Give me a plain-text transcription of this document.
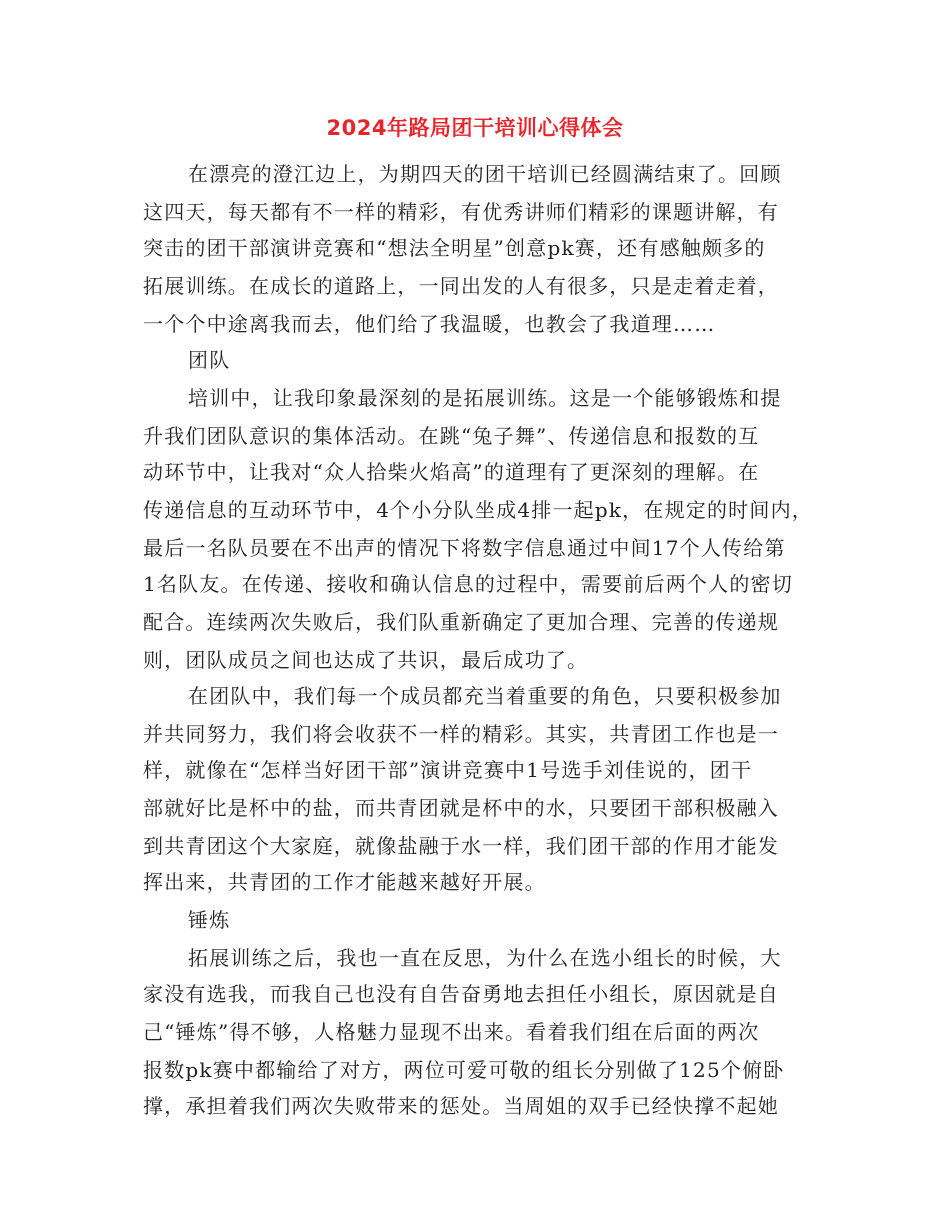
2024年路局团干培训心得体会
在漂亮的澄江边上，为期四天的团干培训已经圆满结束了。回顾
这四天，每天都有不一样的精彩，有优秀讲师们精彩的课题讲解，有
突击的团干部演讲竞赛和“想法全明星”创意pk赛，还有感触颇多的
拓展训练。在成长的道路上，一同出发的人有很多，只是走着走着，
一个个中途离我而去，他们给了我温暖，也教会了我道理……
团队
培训中，让我印象最深刻的是拓展训练。这是一个能够锻炼和提
升我们团队意识的集体活动。在跳“兔子舞”、传递信息和报数的互
动环节中，让我对“众人拾柴火焰高”的道理有了更深刻的理解。在
传递信息的互动环节中，4个小分队坐成4排一起pk，在规定的时间内，
最后一名队员要在不出声的情况下将数字信息通过中间17个人传给第
1名队友。在传递、接收和确认信息的过程中，需要前后两个人的密切
配合。连续两次失败后，我们队重新确定了更加合理、完善的传递规
则，团队成员之间也达成了共识，最后成功了。
在团队中，我们每一个成员都充当着重要的角色，只要积极参加
并共同努力，我们将会收获不一样的精彩。其实，共青团工作也是一
样，就像在“怎样当好团干部”演讲竞赛中1号选手刘佳说的，团干
部就好比是杯中的盐，而共青团就是杯中的水，只要团干部积极融入
到共青团这个大家庭，就像盐融于水一样，我们团干部的作用才能发
挥出来，共青团的工作才能越来越好开展。
锤炼
拓展训练之后，我也一直在反思，为什么在选小组长的时候，大
家没有选我，而我自己也没有自告奋勇地去担任小组长，原因就是自
己“锤炼”得不够，人格魅力显现不出来。看着我们组在后面的两次
报数pk赛中都输给了对方，两位可爱可敬的组长分别做了125个俯卧
撑，承担着我们两次失败带来的惩处。当周姐的双手已经快撑不起她
